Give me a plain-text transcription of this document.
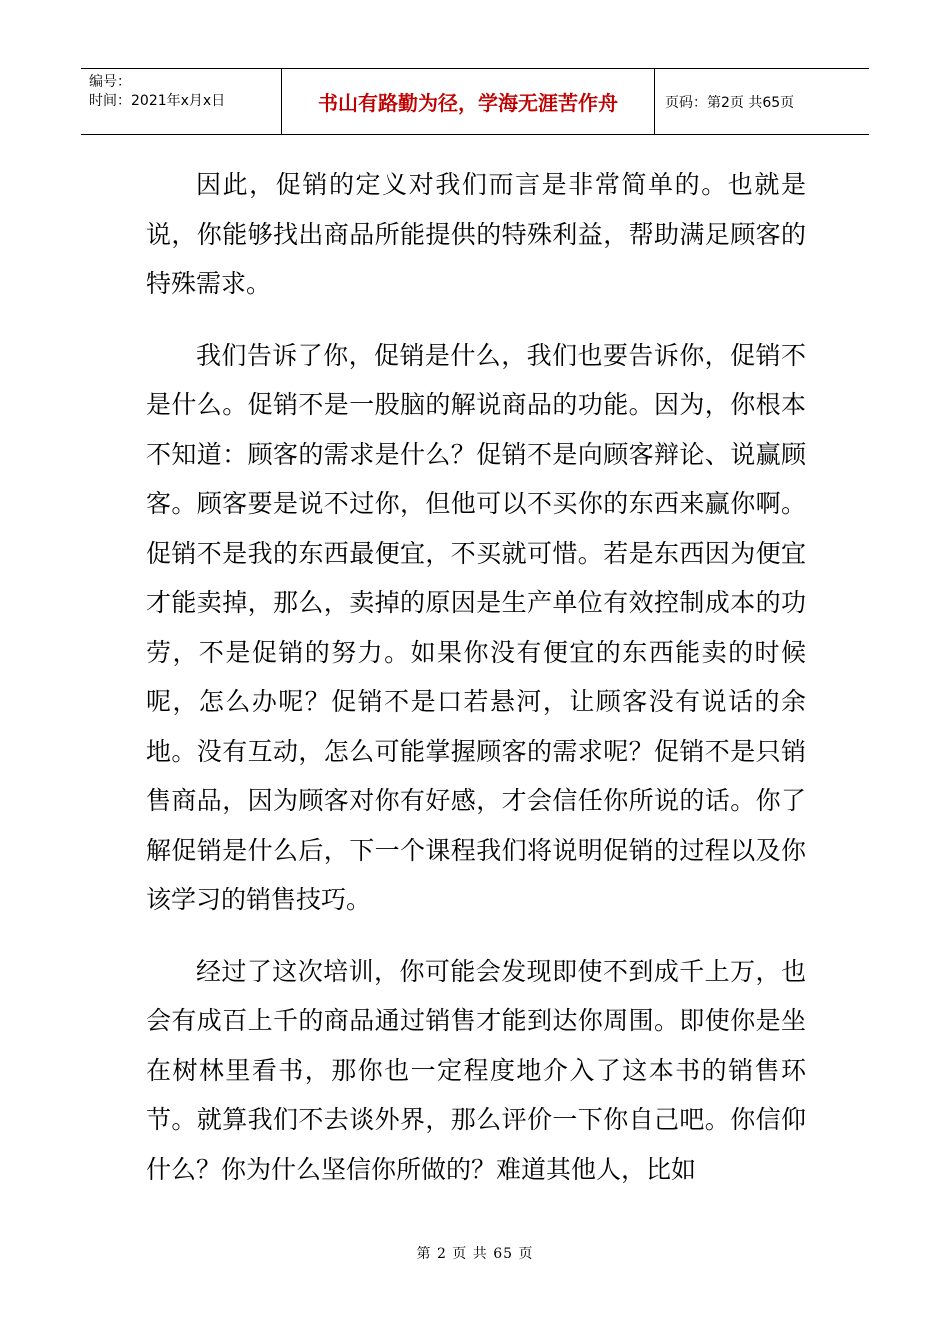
编号：
时间：2021年x月x日	书山有路勤为径，学海无涯苦作舟	页码：第2页 共65页

因此，促销的定义对我们而言是非常简单的。也就是说，你能够找出商品所能提供的特殊利益，帮助满足顾客的特殊需求。

我们告诉了你，促销是什么，我们也要告诉你，促销不是什么。促销不是一股脑的解说商品的功能。因为，你根本不知道：顾客的需求是什么？促销不是向顾客辩论、说赢顾客。顾客要是说不过你，但他可以不买你的东西来赢你啊。促销不是我的东西最便宜，不买就可惜。若是东西因为便宜才能卖掉，那么，卖掉的原因是生产单位有效控制成本的功劳，不是促销的努力。如果你没有便宜的东西能卖的时候呢，怎么办呢？促销不是口若悬河，让顾客没有说话的余地。没有互动，怎么可能掌握顾客的需求呢？促销不是只销售商品，因为顾客对你有好感，才会信任你所说的话。你了解促销是什么后，下一个课程我们将说明促销的过程以及你该学习的销售技巧。

经过了这次培训，你可能会发现即使不到成千上万，也会有成百上千的商品通过销售才能到达你周围。即使你是坐在树林里看书，那你也一定程度地介入了这本书的销售环节。就算我们不去谈外界，那么评价一下你自己吧。你信仰什么？你为什么坚信你所做的？难道其他人，比如

第 2 页 共 65 页
